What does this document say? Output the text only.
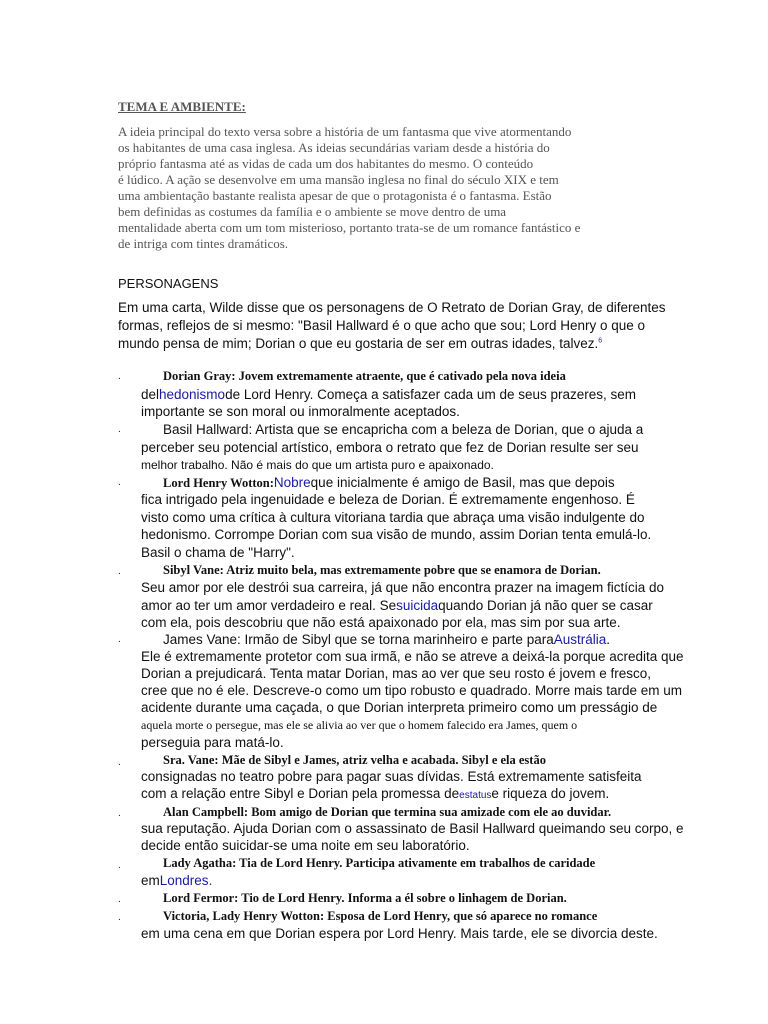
TEMA E AMBIENTE:
A ideia principal do texto versa sobre a história de um fantasma que vive atormentando
os habitantes de uma casa inglesa. As ideias secundárias variam desde a história do
próprio fantasma até as vidas de cada um dos habitantes do mesmo. O conteúdo
é lúdico. A ação se desenvolve em uma mansão inglesa no final do século XIX e tem
uma ambientação bastante realista apesar de que o protagonista é o fantasma. Estão
bem definidas as costumes da família e o ambiente se move dentro de uma
mentalidade aberta com um tom misterioso, portanto trata-se de um romance fantástico e
de intriga com tintes dramáticos.
PERSONAGENS
Em uma carta, Wilde disse que os personagens de O Retrato de Dorian Gray, de diferentes
formas, reflejos de si mesmo: "Basil Hallward é o que acho que sou; Lord Henry o que o
mundo pensa de mim; Dorian o que eu gostaria de ser em outras idades, talvez.$^6$
.	Dorian Gray: Jovem extremamente atraente, que é cativado pela nova ideia
delhedonismode Lord Henry. Começa a satisfazer cada um de seus prazeres, sem
importante se son moral ou inmoralmente aceptados.
.	Basil Hallward: Artista que se encapricha com a beleza de Dorian, que o ajuda a
perceber seu potencial artístico, embora o retrato que fez de Dorian resulte ser seu
melhor trabalho. Não é mais do que um artista puro e apaixonado.
.	Lord Henry Wotton:Nobreque inicialmente é amigo de Basil, mas que depois
fica intrigado pela ingenuidade e beleza de Dorian. É extremamente engenhoso. É
visto como uma crítica à cultura vitoriana tardia que abraça uma visão indulgente do
hedonismo. Corrompe Dorian com sua visão de mundo, assim Dorian tenta emulá-lo.
Basil o chama de "Harry".
.	Sibyl Vane: Atriz muito bela, mas extremamente pobre que se enamora de Dorian.
Seu amor por ele destrói sua carreira, já que não encontra prazer na imagem fictícia do
amor ao ter um amor verdadeiro e real. Sesuicidaquando Dorian já não quer se casar
com ela, pois descobriu que não está apaixonado por ela, mas sim por sua arte.
.	James Vane: Irmão de Sibyl que se torna marinheiro e parte paraAustrália.
Ele é extremamente protetor com sua irmã, e não se atreve a deixá-la porque acredita que
Dorian a prejudicará. Tenta matar Dorian, mas ao ver que seu rosto é jovem e fresco,
cree que no é ele. Descreve-o como um tipo robusto e quadrado. Morre mais tarde em um
acidente durante uma caçada, o que Dorian interpreta primeiro como um presságio de
aquela morte o persegue, mas ele se alivia ao ver que o homem falecido era James, quem o
perseguia para matá-lo.
.	Sra. Vane: Mãe de Sibyl e James, atriz velha e acabada. Sibyl e ela estão
consignadas no teatro pobre para pagar suas dívidas. Está extremamente satisfeita
com a relação entre Sibyl e Dorian pela promessa deestatuse riqueza do jovem.
.	Alan Campbell: Bom amigo de Dorian que termina sua amizade com ele ao duvidar.
sua reputação. Ajuda Dorian com o assassinato de Basil Hallward queimando seu corpo, e
decide então suicidar-se uma noite em seu laboratório.
.	Lady Agatha: Tia de Lord Henry. Participa ativamente em trabalhos de caridade
emLondres.
.	Lord Fermor: Tio de Lord Henry. Informa a él sobre o linhagem de Dorian.
.	Victoria, Lady Henry Wotton: Esposa de Lord Henry, que só aparece no romance
em uma cena em que Dorian espera por Lord Henry. Mais tarde, ele se divorcia deste.
